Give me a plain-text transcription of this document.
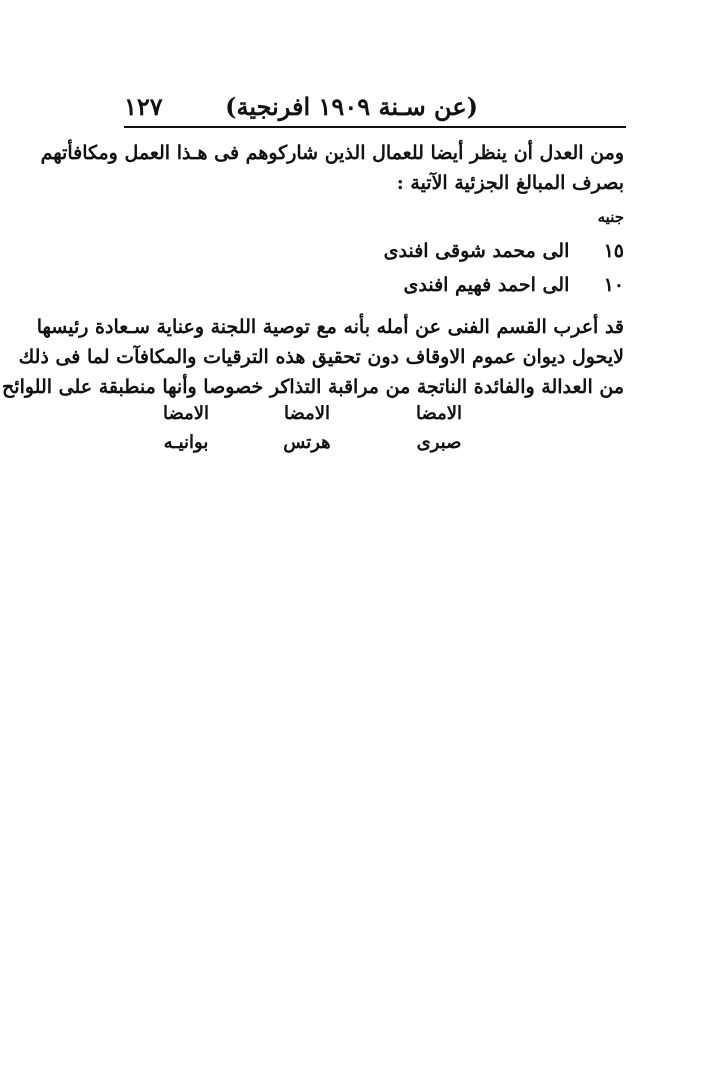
١٢٧	(عن سـنة ١٩٠٩ افرنجية)
ومن العدل أن ينظر أيضا للعمال الذين شاركوهم فى هـذا العمل ومكافأتهم
بصرف المبالغ الجزئية الآتية :
جنيه
١٥ الى محمد شوقى افندى
١٠ الى احمد فهيم افندى
قد أعرب القسم الفنى عن أمله بأنه مع توصية اللجنة وعناية سـعادة رئيسها
لايحول ديوان عموم الاوقاف دون تحقيق هذه الترقيات والمكافآت لما فى ذلك
من العدالة والفائدة الناتجة من مراقبة التذاكر خصوصا وأنها منطبقة على اللوائح
الامضا
صبرى
الامضا
هرتس
الامضا
بوانيـه
